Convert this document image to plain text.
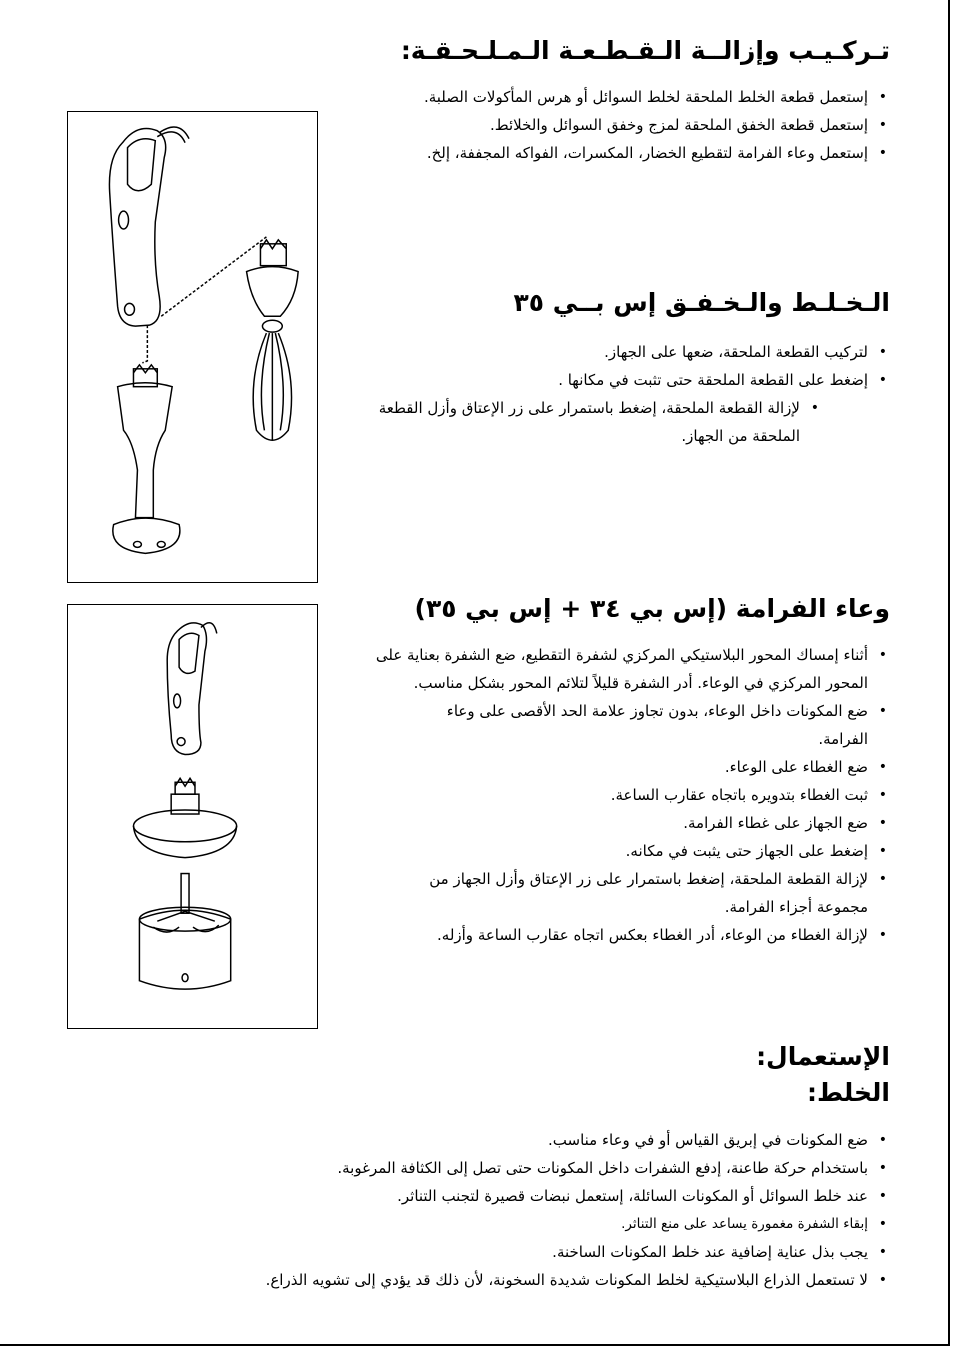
تـركـيـب وإزالــة الـقـطـعـة الـمـلـحـقـة:
• إستعمل قطعة الخلط الملحقة لخلط السوائل أو هرس المأكولات الصلبة.
• إستعمل قطعة الخفق الملحقة لمزج وخفق السوائل والخلائط.
• إستعمل وعاء الفرامة لتقطيع الخضار، المكسرات، الفواكه المجففة، إلخ.
الـخـلـط والـخـفـق إس بــي ٣٥
• لتركيب القطعة الملحقة، ضعها على الجهاز.
• إضغط على القطعة الملحقة حتى تثبت في مكانها .
• لإزالة القطعة الملحقة، إضغط باستمرار على زر الإعتاق وأزل القطعة الملحقة من الجهاز.
وعاء الفرامة (إس بي ٣٤ + إس بي ٣٥)
• أثناء إمساك المحور البلاستيكي المركزي لشفرة التقطيع، ضع الشفرة بعناية على المحور المركزي في الوعاء. أدر الشفرة قليلاً لتلائم المحور بشكل مناسب.
• ضع المكونات داخل الوعاء، بدون تجاوز علامة الحد الأقصى على وعاء الفرامة.
• ضع الغطاء على الوعاء.
• ثبت الغطاء بتدويره باتجاه عقارب الساعة.
• ضع الجهاز على غطاء الفرامة.
• إضغط على الجهاز حتى يثبت في مكانه.
• لإزالة القطعة الملحقة، إضغط باستمرار على زر الإعتاق وأزل الجهاز من مجموعة أجزاء الفرامة.
• لإزالة الغطاء من الوعاء، أدر الغطاء بعكس اتجاه عقارب الساعة وأزله.
الإستعمال:
الخلط:
• ضع المكونات في إبريق القياس أو في وعاء مناسب.
• باستخدام حركة طاعنة، إدفع الشفرات داخل المكونات حتى تصل إلى الكثافة المرغوبة.
• عند خلط السوائل أو المكونات السائلة، إستعمل نبضات قصيرة لتجنب التناثر.
• إبقاء الشفرة مغمورة يساعد على منع التناثر.
• يجب بذل عناية إضافية عند خلط المكونات الساخنة.
• لا تستعمل الذراع البلاستيكية لخلط المكونات شديدة السخونة، لأن ذلك قد يؤدي إلى تشويه الذراع.
